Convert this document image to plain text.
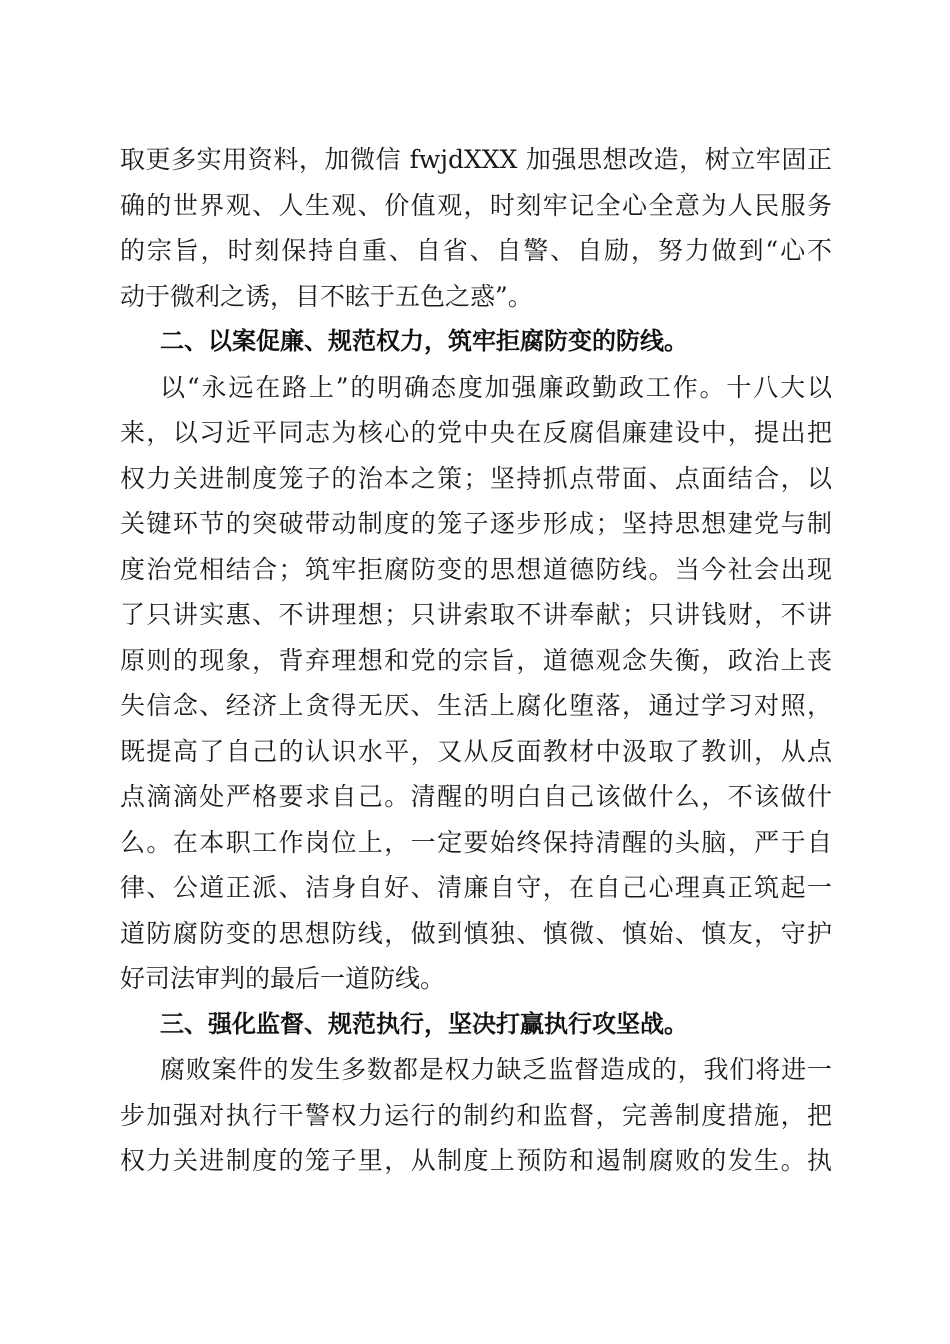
取更多实用资料，加微信 fwjdXXX 加强思想改造，树立牢固正
确的世界观、人生观、价值观，时刻牢记全心全意为人民服务
的宗旨，时刻保持自重、自省、自警、自励，努力做到“心不
动于微利之诱，目不眩于五色之惑”。
二、以案促廉、规范权力，筑牢拒腐防变的防线。
以“永远在路上”的明确态度加强廉政勤政工作。十八大以
来，以习近平同志为核心的党中央在反腐倡廉建设中，提出把
权力关进制度笼子的治本之策；坚持抓点带面、点面结合，以
关键环节的突破带动制度的笼子逐步形成；坚持思想建党与制
度治党相结合；筑牢拒腐防变的思想道德防线。当今社会出现
了只讲实惠、不讲理想；只讲索取不讲奉献；只讲钱财，不讲
原则的现象，背弃理想和党的宗旨，道德观念失衡，政治上丧
失信念、经济上贪得无厌、生活上腐化堕落，通过学习对照，
既提高了自己的认识水平，又从反面教材中汲取了教训，从点
点滴滴处严格要求自己。清醒的明白自己该做什么，不该做什
么。在本职工作岗位上，一定要始终保持清醒的头脑，严于自
律、公道正派、洁身自好、清廉自守，在自己心理真正筑起一
道防腐防变的思想防线，做到慎独、慎微、慎始、慎友，守护
好司法审判的最后一道防线。
三、强化监督、规范执行，坚决打赢执行攻坚战。
腐败案件的发生多数都是权力缺乏监督造成的，我们将进一
步加强对执行干警权力运行的制约和监督，完善制度措施，把
权力关进制度的笼子里，从制度上预防和遏制腐败的发生。执
